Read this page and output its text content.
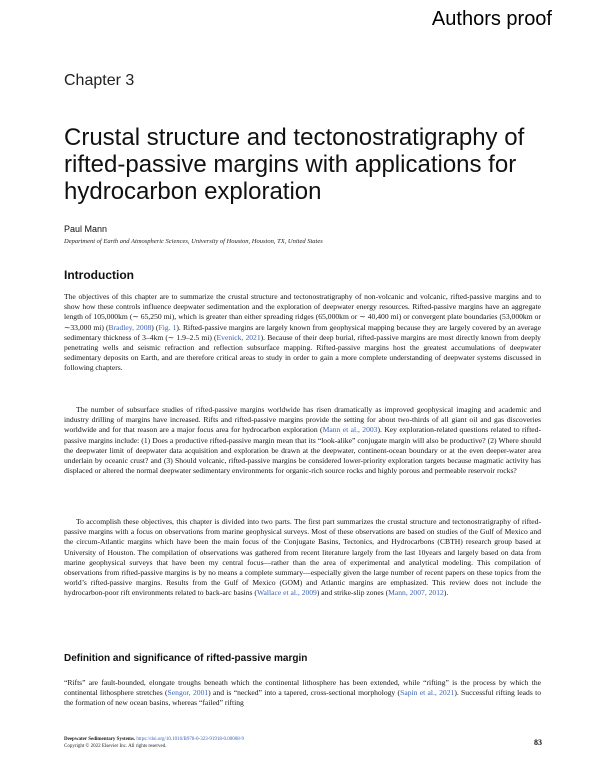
Authors proof
Chapter 3
Crustal structure and tectonostratigraphy of rifted-passive margins with applications for hydrocarbon exploration
Paul Mann
Department of Earth and Atmospheric Sciences, University of Houston, Houston, TX, United States
Introduction

The objectives of this chapter are to summarize the crustal structure and tectonostratigraphy of non-volcanic and volcanic, rifted-passive margins and to show how these controls influence deepwater sedimentation and the exploration of deepwater energy resources. Rifted-passive margins have an aggregate length of 105,000km (∼ 65,250 mi), which is greater than either spreading ridges (65,000km or ∼ 40,400 mi) or convergent plate boundaries (53,000km or ∼33,000 mi) (Bradley, 2008) (Fig. 1). Rifted-passive margins are largely known from geophysical mapping because they are largely covered by an average sedimentary thickness of 3–4km (∼ 1.9–2.5 mi) (Evenick, 2021). Because of their deep burial, rifted-passive margins are most directly known from deeply penetrating wells and seismic refraction and reflection subsurface mapping. Rifted-passive margins host the greatest accumulations of deepwater sedimentary deposits on Earth, and are therefore critical areas to study in order to gain a more complete understanding of deepwater systems discussed in following chapters.

The number of subsurface studies of rifted-passive margins worldwide has risen dramatically as improved geophysical imaging and academic and industry drilling of margins have increased. Rifts and rifted-passive margins provide the setting for about two-thirds of all giant oil and gas discoveries worldwide and for that reason are a major focus area for hydrocarbon exploration (Mann et al., 2003). Key exploration-related questions related to rifted-passive margins include: (1) Does a productive rifted-passive margin mean that its “look-alike” conjugate margin will also be productive? (2) Where should the deepwater limit of deepwater data acquisition and exploration be drawn at the deepwater, continent-ocean boundary or at the even deeper-water area underlain by oceanic crust? and (3) Should volcanic, rifted-passive margins be considered lower-priority exploration targets because magmatic activity has displaced or altered the normal deepwater sedimentary environments for organic-rich source rocks and highly porous and permeable reservoir rocks?

To accomplish these objectives, this chapter is divided into two parts. The first part summarizes the crustal structure and tectonostratigraphy of rifted-passive margins with a focus on observations from marine geophysical surveys. Most of these observations are based on studies of the Gulf of Mexico and the circum-Atlantic margins which have been the main focus of the Conjugate Basins, Tectonics, and Hydrocarbons (CBTH) research group based at University of Houston. The compilation of observations was gathered from recent literature largely from the last 10years and largely based on data from marine geophysical surveys that have been my central focus—rather than the area of experimental and analytical modeling. This compilation of observations from rifted-passive margins is by no means a complete summary—especially given the large number of recent papers on these topics from the world’s rifted-passive margins. Results from the Gulf of Mexico (GOM) and Atlantic margins are emphasized. This review does not include the hydrocarbon-poor rift environments related to back-arc basins (Wallace et al., 2009) and strike-slip zones (Mann, 2007, 2012).

Definition and significance of rifted-passive margin

“Rifts” are fault-bounded, elongate troughs beneath which the continental lithosphere has been extended, while “rifting” is the process by which the continental lithosphere stretches (Sengor, 2001) and is “necked” into a tapered, cross-sectional morphology (Sapin et al., 2021). Successful rifting leads to the formation of new ocean basins, whereas “failed” rifting

Deepwater Sedimentary Systems. https://doi.org/10.1016/B978-0-323-91918-0.00008-9
Copyright © 2022 Elsevier Inc. All rights reserved.	83
